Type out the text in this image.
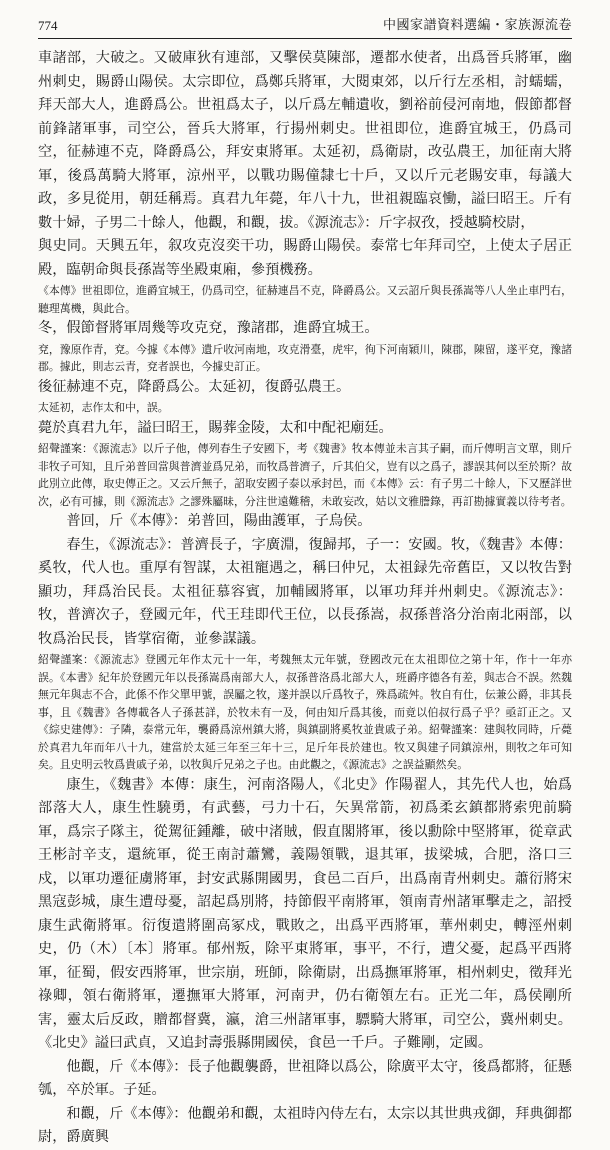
774	中國家譜資料選編・家族源流卷

車諸部，大破之。又破庫狄有連部，又擊侯莫陳部，遷都水使者，出爲晉兵將軍，幽州刺史，賜爵山陽侯。太宗即位，爲鄭兵將軍，大閱東郊，以斤行左丞相，討蠕蠕，拜天部大人，進爵爲公。世祖爲太子，以斤爲左輔遺收，劉裕前侵河南地，假節都督前鋒諸軍事，司空公，晉兵大將軍，行揚州刺史。世祖即位，進爵宜城王，仍爲司空，征赫連不克，降爵爲公，拜安東將軍。太延初，爲衛尉，改弘農王，加征南大將軍，後爲萬騎大將軍，涼州平，以戰功賜僮隸七十戶，又以斤元老賜安車，每議大政，多見從用，朝廷稱焉。真君九年薨，年八十九，世祖親臨哀慟，謚曰昭王。斤有數十婦，子男二十餘人，他觀，和觀，拔。《源流志》：斤字叔孜，授越騎校尉，

與史同。天興五年，叙攻克沒奕干功，賜爵山陽侯。泰常七年拜司空，上使太子居正殿，臨朝命與長孫嵩等坐殿東廂，參預機務。

《本傳》世祖即位，進爵宜城王，仍爲司空，征赫連昌不克，降爵爲公。又云詔斤與長孫嵩等八人坐止車門右，聽理萬機，與此合。

冬，假節督將軍周幾等攻克兗，豫諸郡，進爵宜城王。

兗，豫原作青，兗。今據《本傳》遺斤收河南地，攻克滑臺，虎牢，徇下河南穎川，陳郡，陳留，遂平兗，豫諸郡。據此，則志云青，兗者誤也，今據史訂正。

後征赫連不克，降爵爲公。太延初，復爵弘農王。

太延初，志作太和中，誤。

薨於真君九年，謚曰昭王，賜葬金陵，太和中配祀廟廷。

紹聲謹案：《源流志》以斤子他，傳列春生子安國下，考《魏書》牧本傳並未言其子嗣，而斤傳明言文單，則斤非牧子可知，且斤弟普回當與普濟並爲兄弟，而牧爲普濟子，斤其伯父，豈有以之爲子，謬誤其何以至於斯？故此別立此傳，取史傳正之。又云斤無子，詔取安國子泰以承封邑，而《本傳》云：有子男二十餘人，下又歷詳世次，必有可據，則《源流志》之謬殊屬昧，分注世遠難稽，未敢妄改，姑以文雅謄錄，再訂勘據實義以待考者。

普回，斤《本傳》：弟普回，陽曲護軍，子烏侯。

春生，《源流志》：普濟長子，字廣淵，復歸邦，子一：安國。牧，《魏書》本傳：奚牧，代人也。重厚有智謀，太祖寵遇之，稱曰仲兄，太祖録先帝舊臣，又以牧告對顯功，拜爲治民長。太祖征慕容賓，加輔國將軍，以軍功拜并州刺史。《源流志》：牧，普濟次子，登國元年，代王珪即代王位，以長孫嵩，叔孫普洛分治南北兩部，以牧爲治民長，皆掌宿衛，並參謀議。

紹聲謹案：《源流志》登國元年作太元十一年，考魏無太元年號，登國改元在太祖即位之第十年，作十一年亦誤。《本書》紀年於登國元年以長孫嵩爲南部大人，叔孫普洛爲北部大人，班爵序德各有差，與志合不誤。然魏無元年與志不合，此係不作父單甲號，誤屬之牧，遂并誤以斤爲牧子，殊爲疏舛。牧自有仕，伝兼公爵，非其長事，且《魏書》各傳載各人子孫甚詳，於牧未有一及，何由知斤爲其後，而竟以伯叔行爲子乎？亟訂正之。又《綜史建傳》：子隣，泰常元年，襲爵爲涼州鎮大將，與鎮副將奚牧並貴戚子弟。紹聲謹案：建與牧同時，斤薨於真君九年而年八十九，建當於太延三年至三年十三，足斤年長於建也。牧又與建子同鎮涼州，則牧之年可知矣。且史明云牧爲貴戚子弟，以牧與斤兄弟之子也。由此觀之，《源流志》之誤益顯然矣。

康生，《魏書》本傳：康生，河南洛陽人，《北史》作陽翟人，其先代人也，始爲部落大人，康生性驍勇，有武藝，弓力十石，矢異常箭，初爲柔玄鎮都將索兜前騎軍，爲宗子隊主，從駕征鍾離，破中渚賊，假直閣將軍，後以勳除中堅將軍，從章武王彬討辛支，還統軍，從王南討蕭鸞，義陽領戰，退其軍，拔梁城，合肥，洛口三戍，以軍功遷征虜將軍，封安武縣開國男，食邑二百戶，出爲南青州刺史。蕭衍將宋黑寇彭城，康生遭母憂，詔起爲別將，持節假平南將軍，領南青州諸軍擊走之，詔授康生武衛將軍。衍復遣將圍高冢戍，戰敗之，出爲平西將軍，華州刺史，轉涇州刺史，仍（木）〔本〕將軍。郁州叛，除平東將軍，事平，不行，遭父憂，起爲平西將軍，征蜀，假安西將軍，世宗崩，班師，除衛尉，出爲撫軍將軍，相州刺史，徵拜光祿卿，領右衛將軍，遷撫軍大將軍，河南尹，仍右衛領左右。正光二年，爲侯剛所害，靈太后反政，贈都督冀，瀛，滄三州諸軍事，驃騎大將軍，司空公，冀州刺史。《北史》謚曰武貞，又追封壽張縣開國侯，食邑一千戶。子難剛，定國。

他觀，斤《本傳》：長子他觀襲爵，世祖降以爲公，除廣平太守，後爲都將，征懸瓠，卒於軍。子延。

和觀，斤《本傳》：他觀弟和觀，太祖時內侍左右，太宗以其世典戎御，拜典御都尉，爵廣興
